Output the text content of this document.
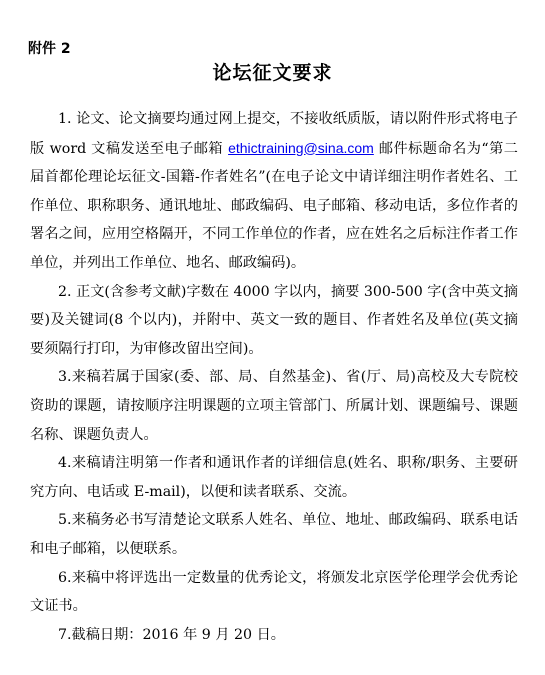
附件 2
论坛征文要求

1. 论文、论文摘要均通过网上提交，不接收纸质版，请以附件形式将电子版 word 文稿发送至电子邮箱 ethictraining@sina.com 邮件标题命名为“第二届首都伦理论坛征文-国籍-作者姓名”(在电子论文中请详细注明作者姓名、工作单位、职称职务、通讯地址、邮政编码、电子邮箱、移动电话，多位作者的署名之间，应用空格隔开，不同工作单位的作者，应在姓名之后标注作者工作单位，并列出工作单位、地名、邮政编码)。

2. 正文(含参考文献)字数在 4000 字以内，摘要 300-500 字(含中英文摘要)及关键词(8 个以内)，并附中、英文一致的题目、作者姓名及单位(英文摘要须隔行打印，为审修改留出空间)。

3.来稿若属于国家(委、部、局、自然基金)、省(厅、局)高校及大专院校资助的课题，请按顺序注明课题的立项主管部门、所属计划、课题编号、课题名称、课题负责人。

4.来稿请注明第一作者和通讯作者的详细信息(姓名、职称/职务、主要研究方向、电话或 E-mail)，以便和读者联系、交流。

5.来稿务必书写清楚论文联系人姓名、单位、地址、邮政编码、联系电话和电子邮箱，以便联系。

6.来稿中将评选出一定数量的优秀论文，将颁发北京医学伦理学会优秀论文证书。

7.截稿日期：2016 年 9 月 20 日。
